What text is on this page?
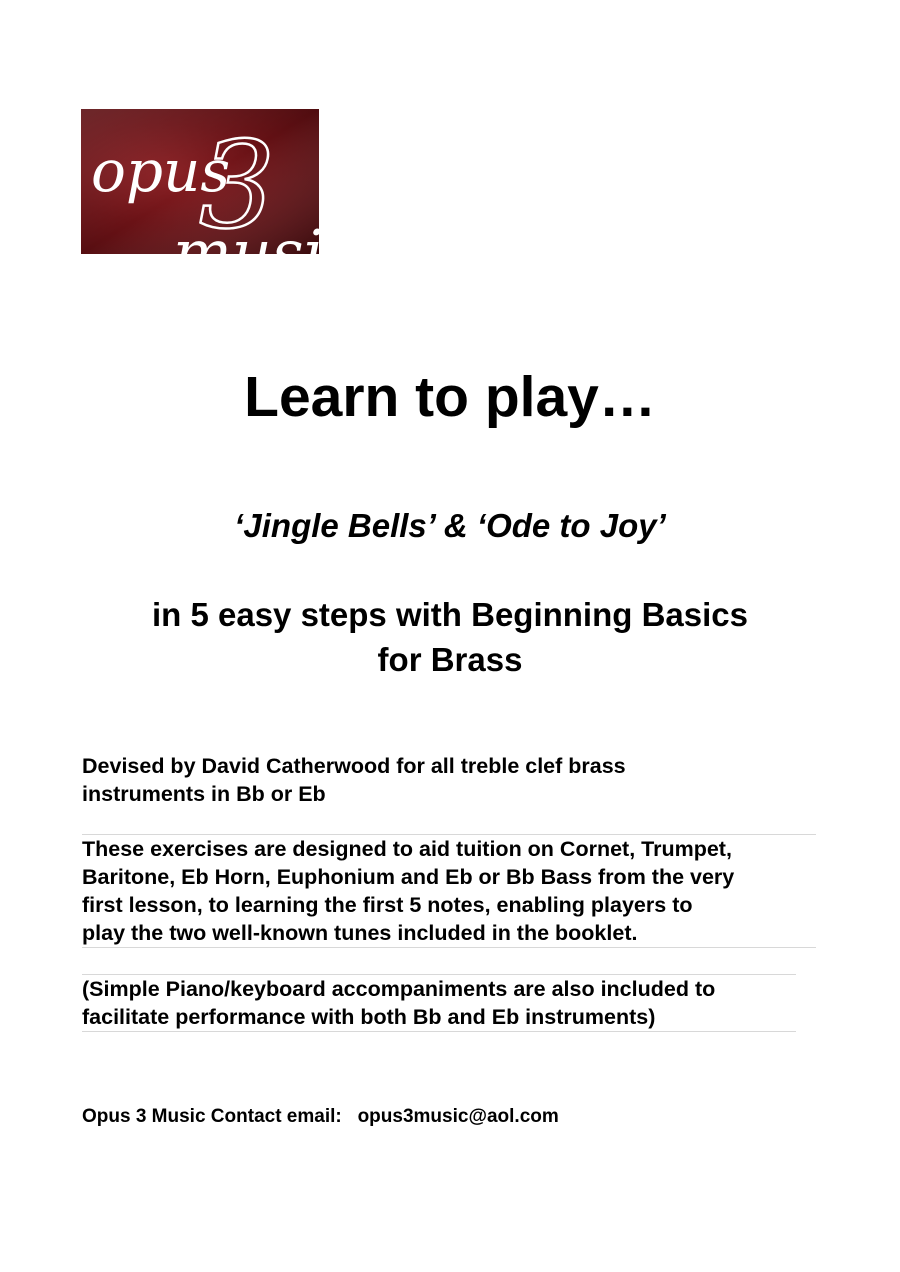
3
opus
music
Learn to play…

‘Jingle Bells’ & ‘Ode to Joy’

in 5 easy steps with Beginning Basics
for Brass
Devised by David Catherwood for all treble clef brass
instruments in Bb or Eb
These exercises are designed to aid tuition on Cornet, Trumpet,
Baritone, Eb Horn, Euphonium and Eb or Bb Bass from the very
first lesson, to learning the first 5 notes, enabling players to
play the two well-known tunes included in the booklet.
(Simple Piano/keyboard accompaniments are also included to
facilitate performance with both Bb and Eb instruments)

Opus 3 Music Contact email: opus3music@aol.com
